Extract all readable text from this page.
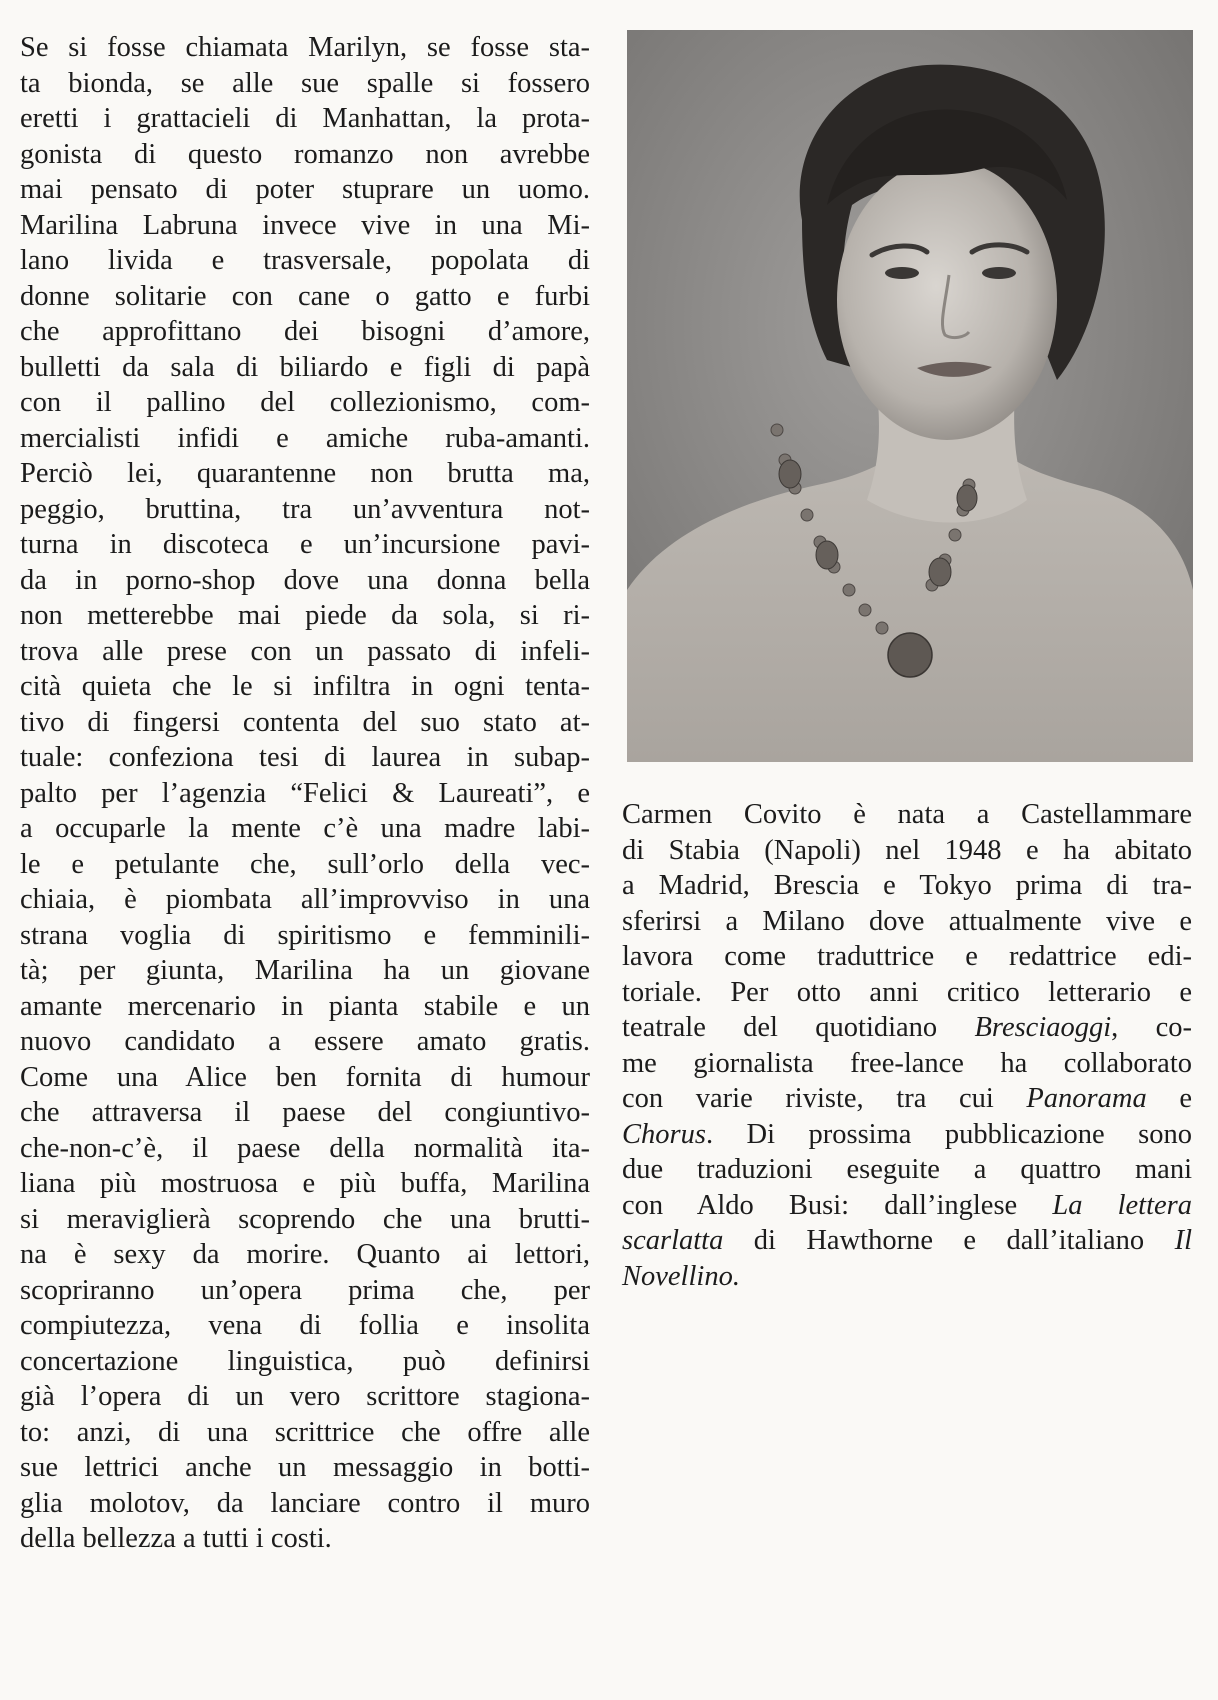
Se si fosse chiamata Marilyn, se fosse sta-
ta bionda, se alle sue spalle si fossero
eretti i grattacieli di Manhattan, la prota-
gonista di questo romanzo non avrebbe
mai pensato di poter stuprare un uomo.
Marilina Labruna invece vive in una Mi-
lano livida e trasversale, popolata di
donne solitarie con cane o gatto e furbi
che approfittano dei bisogni d’amore,
bulletti da sala di biliardo e figli di papà
con il pallino del collezionismo, com-
mercialisti infidi e amiche ruba-amanti.
Perciò lei, quarantenne non brutta ma,
peggio, bruttina, tra un’avventura not-
turna in discoteca e un’incursione pavi-
da in porno-shop dove una donna bella
non metterebbe mai piede da sola, si ri-
trova alle prese con un passato di infeli-
cità quieta che le si infiltra in ogni tenta-
tivo di fingersi contenta del suo stato at-
tuale: confeziona tesi di laurea in subap-
palto per l’agenzia “Felici & Laureati”, e
a occuparle la mente c’è una madre labi-
le e petulante che, sull’orlo della vec-
chiaia, è piombata all’improvviso in una
strana voglia di spiritismo e femminili-
tà; per giunta, Marilina ha un giovane
amante mercenario in pianta stabile e un
nuovo candidato a essere amato gratis.
Come una Alice ben fornita di humour
che attraversa il paese del congiuntivo-
che-non-c’è, il paese della normalità ita-
liana più mostruosa e più buffa, Marilina
si meraviglierà scoprendo che una brutti-
na è sexy da morire. Quanto ai lettori,
scopriranno un’opera prima che, per
compiutezza, vena di follia e insolita
concertazione linguistica, può definirsi
già l’opera di un vero scrittore stagiona-
to: anzi, di una scrittrice che offre alle
sue lettrici anche un messaggio in botti-
glia molotov, da lanciare contro il muro
della bellezza a tutti i costi.
Carmen Covito è nata a Castellammare
di Stabia (Napoli) nel 1948 e ha abitato
a Madrid, Brescia e Tokyo prima di tra-
sferirsi a Milano dove attualmente vive e
lavora come traduttrice e redattrice edi-
toriale. Per otto anni critico letterario e
teatrale del quotidiano Bresciaoggi, co-
me giornalista free-lance ha collaborato
con varie riviste, tra cui Panorama e
Chorus. Di prossima pubblicazione sono
due traduzioni eseguite a quattro mani
con Aldo Busi: dall’inglese La lettera
scarlatta di Hawthorne e dall’italiano Il
Novellino.
